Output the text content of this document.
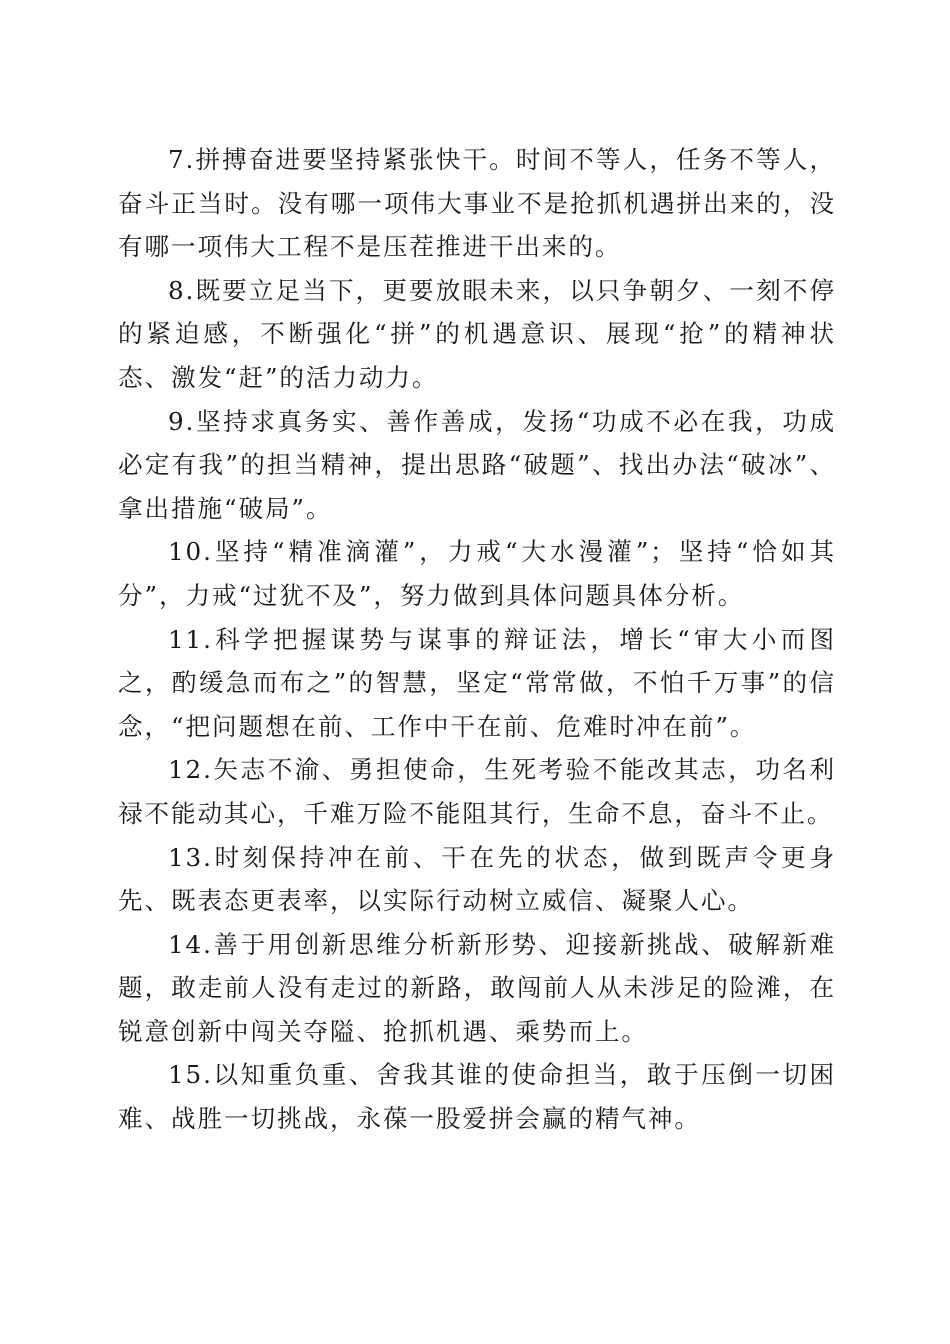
7.拼搏奋进要坚持紧张快干。时间不等人，任务不等人，奋斗正当时。没有哪一项伟大事业不是抢抓机遇拼出来的，没有哪一项伟大工程不是压茬推进干出来的。

8.既要立足当下，更要放眼未来，以只争朝夕、一刻不停的紧迫感，不断强化“拼”的机遇意识、展现“抢”的精神状态、激发“赶”的活力动力。

9.坚持求真务实、善作善成，发扬“功成不必在我，功成必定有我”的担当精神，提出思路“破题”、找出办法“破冰”、拿出措施“破局”。

10.坚持“精准滴灌”，力戒“大水漫灌”；坚持“恰如其分”，力戒“过犹不及”，努力做到具体问题具体分析。

11.科学把握谋势与谋事的辩证法，增长“审大小而图之，酌缓急而布之”的智慧，坚定“常常做，不怕千万事”的信念，“把问题想在前、工作中干在前、危难时冲在前”。

12.矢志不渝、勇担使命，生死考验不能改其志，功名利禄不能动其心，千难万险不能阻其行，生命不息，奋斗不止。

13.时刻保持冲在前、干在先的状态，做到既声令更身先、既表态更表率，以实际行动树立威信、凝聚人心。

14.善于用创新思维分析新形势、迎接新挑战、破解新难题，敢走前人没有走过的新路，敢闯前人从未涉足的险滩，在锐意创新中闯关夺隘、抢抓机遇、乘势而上。

15.以知重负重、舍我其谁的使命担当，敢于压倒一切困难、战胜一切挑战，永葆一股爱拼会赢的精气神。
